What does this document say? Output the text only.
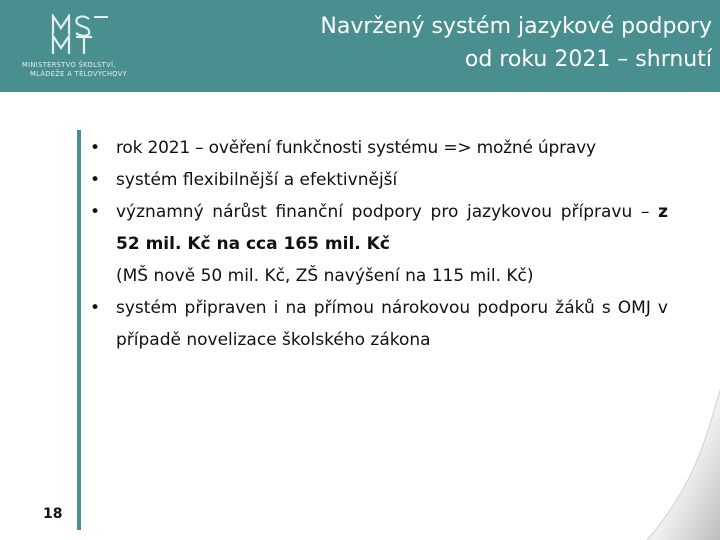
MINISTERSTVO ŠKOLSTVÍ,
MLÁDEŽE A TĚLOVÝCHOVY
Navržený systém jazykové podpory
od roku 2021 – shrnutí
• rok 2021 – ověření funkčnosti systému => možné úpravy
• systém flexibilnější a efektivnější
• významný nárůst finanční podpory pro jazykovou přípravu – z 52 mil. Kč na cca 165 mil. Kč
(MŠ nově 50 mil. Kč, ZŠ navýšení na 115 mil. Kč)
• systém připraven i na přímou nárokovou podporu žáků s OMJ v případě novelizace školského zákona
18
